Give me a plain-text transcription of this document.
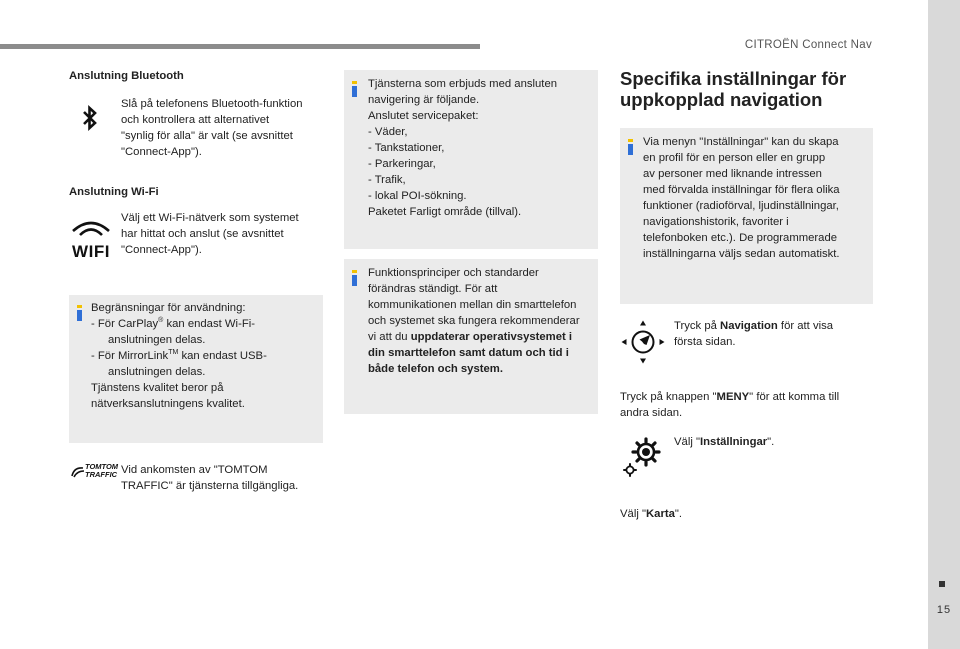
CITROËN Connect Nav
15
Anslutning Bluetooth
Slå på telefonens Bluetooth-funktion
och kontrollera att alternativet
"synlig för alla" är valt (se avsnittet
"Connect-App").
Anslutning Wi-Fi
WIFI
Välj ett Wi-Fi-nätverk som systemet
har hittat och anslut (se avsnittet
"Connect-App").
Begränsningar för användning:
- För CarPlay® kan endast Wi-Fi-
anslutningen delas.
- För MirrorLink™ kan endast USB-
anslutningen delas.
Tjänstens kvalitet beror på
nätverksanslutningens kvalitet.
TOMTOM
TRAFFIC Vid ankomsten av "TOMTOM
TRAFFIC" är tjänsterna tillgängliga.
Tjänsterna som erbjuds med ansluten
navigering är följande.
Anslutet servicepaket:
- Väder,
- Tankstationer,
- Parkeringar,
- Trafik,
- lokal POI-sökning.
Paketet Farligt område (tillval).
Funktionsprinciper och standarder
förändras ständigt. För att
kommunikationen mellan din smarttelefon
och systemet ska fungera rekommenderar
vi att du uppdaterar operativsystemet i
din smarttelefon samt datum och tid i
både telefon och system.
Specifika inställningar för
uppkopplad navigation
Via menyn "Inställningar" kan du skapa
en profil för en person eller en grupp
av personer med liknande intressen
med förvalda inställningar för flera olika
funktioner (radioförval, ljudinställningar,
navigationshistorik, favoriter i
telefonboken etc.). De programmerade
inställningarna väljs sedan automatiskt.
Tryck på Navigation för att visa
första sidan.
Tryck på knappen "MENY" för att komma till
andra sidan.
Välj "Inställningar".
Välj "Karta".
